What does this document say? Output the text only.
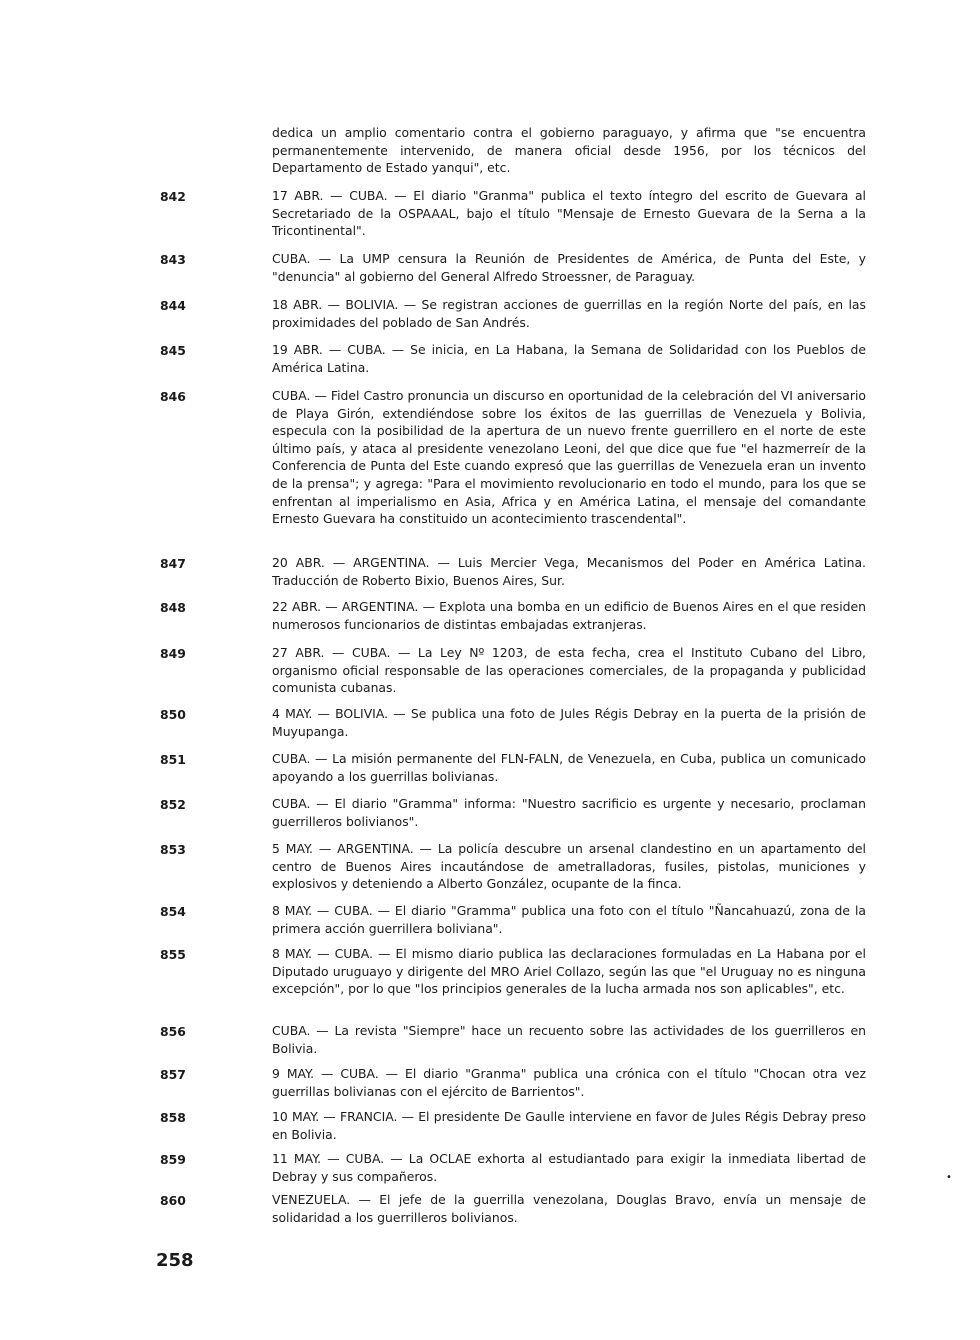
dedica un amplio comentario contra el gobierno paraguayo, y afirma que "se encuentra permanentemente intervenido, de manera oficial desde 1956, por los técnicos del Departamento de Estado yanqui", etc.

842	17 ABR. — CUBA. — El diario "Granma" publica el texto íntegro del escrito de Guevara al Secretariado de la OSPAAAL, bajo el título "Mensaje de Ernesto Guevara de la Serna a la Tricontinental".

843	CUBA. — La UMP censura la Reunión de Presidentes de América, de Punta del Este, y "denuncia" al gobierno del General Alfredo Stroessner, de Paraguay.

844	18 ABR. — BOLIVIA. — Se registran acciones de guerrillas en la región Norte del país, en las proximidades del poblado de San Andrés.

845	19 ABR. — CUBA. — Se inicia, en La Habana, la Semana de Solidaridad con los Pueblos de América Latina.

846	CUBA. — Fidel Castro pronuncia un discurso en oportunidad de la celebración del VI aniversario de Playa Girón, extendiéndose sobre los éxitos de las guerrillas de Venezuela y Bolivia, especula con la posibilidad de la apertura de un nuevo frente guerrillero en el norte de este último país, y ataca al presidente venezolano Leoni, del que dice que fue "el hazmerreír de la Conferencia de Punta del Este cuando expresó que las guerrillas de Venezuela eran un invento de la prensa"; y agrega: "Para el movimiento revolucionario en todo el mundo, para los que se enfrentan al imperialismo en Asia, Africa y en América Latina, el mensaje del comandante Ernesto Guevara ha constituido un acontecimiento trascendental".

847	20 ABR. — ARGENTINA. — Luis Mercier Vega, Mecanismos del Poder en América Latina. Traducción de Roberto Bixio, Buenos Aires, Sur.

848	22 ABR. — ARGENTINA. — Explota una bomba en un edificio de Buenos Aires en el que residen numerosos funcionarios de distintas embajadas extranjeras.

849	27 ABR. — CUBA. — La Ley Nº 1203, de esta fecha, crea el Instituto Cubano del Libro, organismo oficial responsable de las operaciones comerciales, de la propaganda y publicidad comunista cubanas.

850	4 MAY. — BOLIVIA. — Se publica una foto de Jules Régis Debray en la puerta de la prisión de Muyupanga.

851	CUBA. — La misión permanente del FLN-FALN, de Venezuela, en Cuba, publica un comunicado apoyando a los guerrillas bolivianas.

852	CUBA. — El diario "Gramma" informa: "Nuestro sacrificio es urgente y necesario, proclaman guerrilleros bolivianos".

853	5 MAY. — ARGENTINA. — La policía descubre un arsenal clandestino en un apartamento del centro de Buenos Aires incautándose de ametralladoras, fusiles, pistolas, municiones y explosivos y deteniendo a Alberto González, ocupante de la finca.

854	8 MAY. — CUBA. — El diario "Gramma" publica una foto con el título "Ñancahuazú, zona de la primera acción guerrillera boliviana".

855	8 MAY. — CUBA. — El mismo diario publica las declaraciones formuladas en La Habana por el Diputado uruguayo y dirigente del MRO Ariel Collazo, según las que "el Uruguay no es ninguna excepción", por lo que "los principios generales de la lucha armada nos son aplicables", etc.

856	CUBA. — La revista "Siempre" hace un recuento sobre las actividades de los guerrilleros en Bolivia.

857	9 MAY. — CUBA. — El diario "Granma" publica una crónica con el título "Chocan otra vez guerrillas bolivianas con el ejército de Barrientos".

858	10 MAY. — FRANCIA. — El presidente De Gaulle interviene en favor de Jules Régis Debray preso en Bolivia.

859	11 MAY. — CUBA. — La OCLAE exhorta al estudiantado para exigir la inmediata libertad de Debray y sus compañeros.

860	VENEZUELA. — El jefe de la guerrilla venezolana, Douglas Bravo, envía un mensaje de solidaridad a los guerrilleros bolivianos.

258
•
